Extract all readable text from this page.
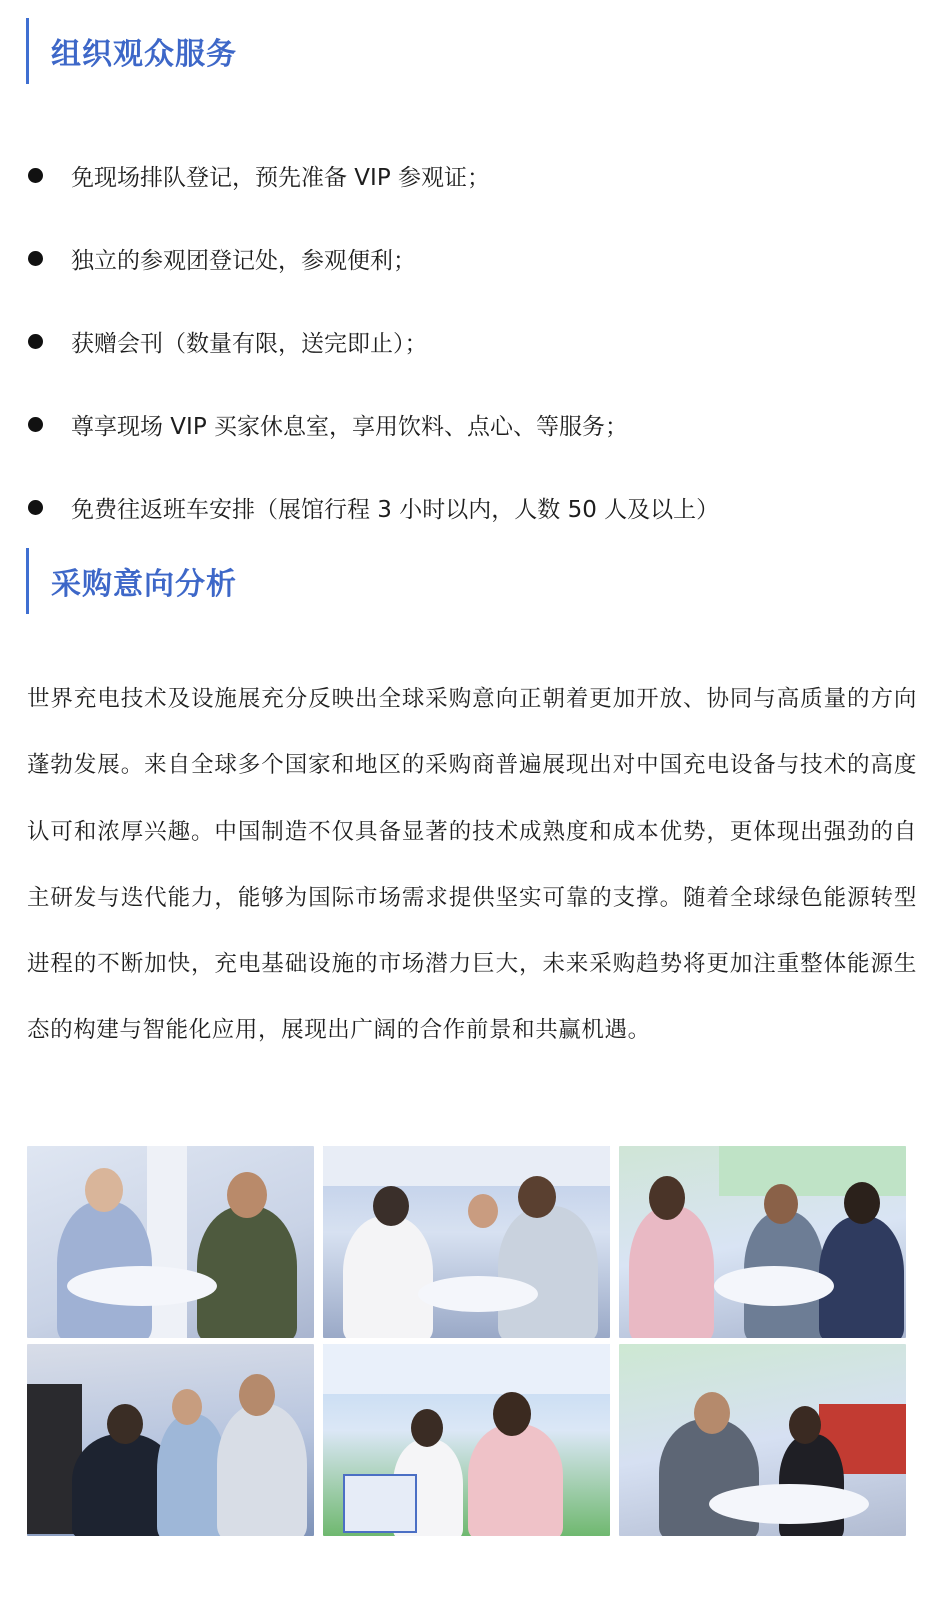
组织观众服务
免现场排队登记，预先准备 VIP 参观证；
独立的参观团登记处，参观便利；
获赠会刊（数量有限，送完即止）；
尊享现场 VIP 买家休息室，享用饮料、点心、等服务；
免费往返班车安排（展馆行程 3 小时以内，人数 50 人及以上）
采购意向分析

世界充电技术及设施展充分反映出全球采购意向正朝着更加开放、协同与高质量的方向蓬勃发展。来自全球多个国家和地区的采购商普遍展现出对中国充电设备与技术的高度认可和浓厚兴趣。中国制造不仅具备显著的技术成熟度和成本优势，更体现出强劲的自主研发与迭代能力，能够为国际市场需求提供坚实可靠的支撑。随着全球绿色能源转型进程的不断加快，充电基础设施的市场潜力巨大，未来采购趋势将更加注重整体能源生态的构建与智能化应用，展现出广阔的合作前景和共赢机遇。
